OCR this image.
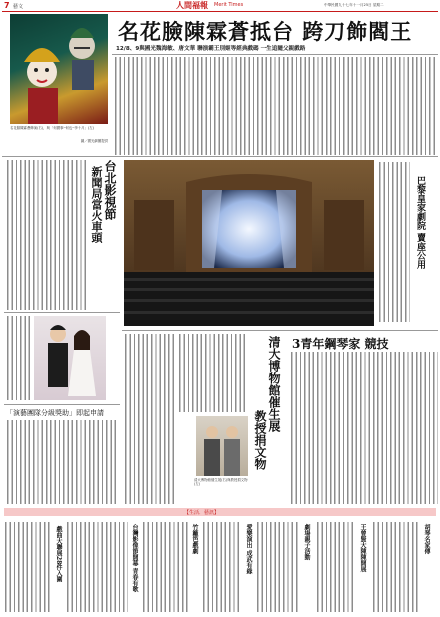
7 藝文	人間福報 Merit Times	中華民國九十七年十一月25日 星期二
名花臉陳霖蒼飾演(右)，與「何國事─何也─李十月」(左)
圖／國光劇團提供
名花臉陳霖蒼抵台 跨刀飾閻王
12/8、9與國光魏海敏、唐文華 聯演霸王別姬等經典戲碼 一生追隨父親戲路
台北影視節
新聞局當火車頭
「演藝團隊分級獎助」即起申請
巴黎皇家劇院 賣座公用
清大博物館催生展
教授捐文物
清大博物館催生展(右)與教授捐文物(左)
3青年鋼琴家 競技
【生活．藝訊】
戲曲大聯展28件入圍	台灣影像節開幕 青春有歌	竹籬笆戲劇	愛樂演出 成武有緣	劇場親子活動	王曾賢大陳陳開展	胡琴名家傳
